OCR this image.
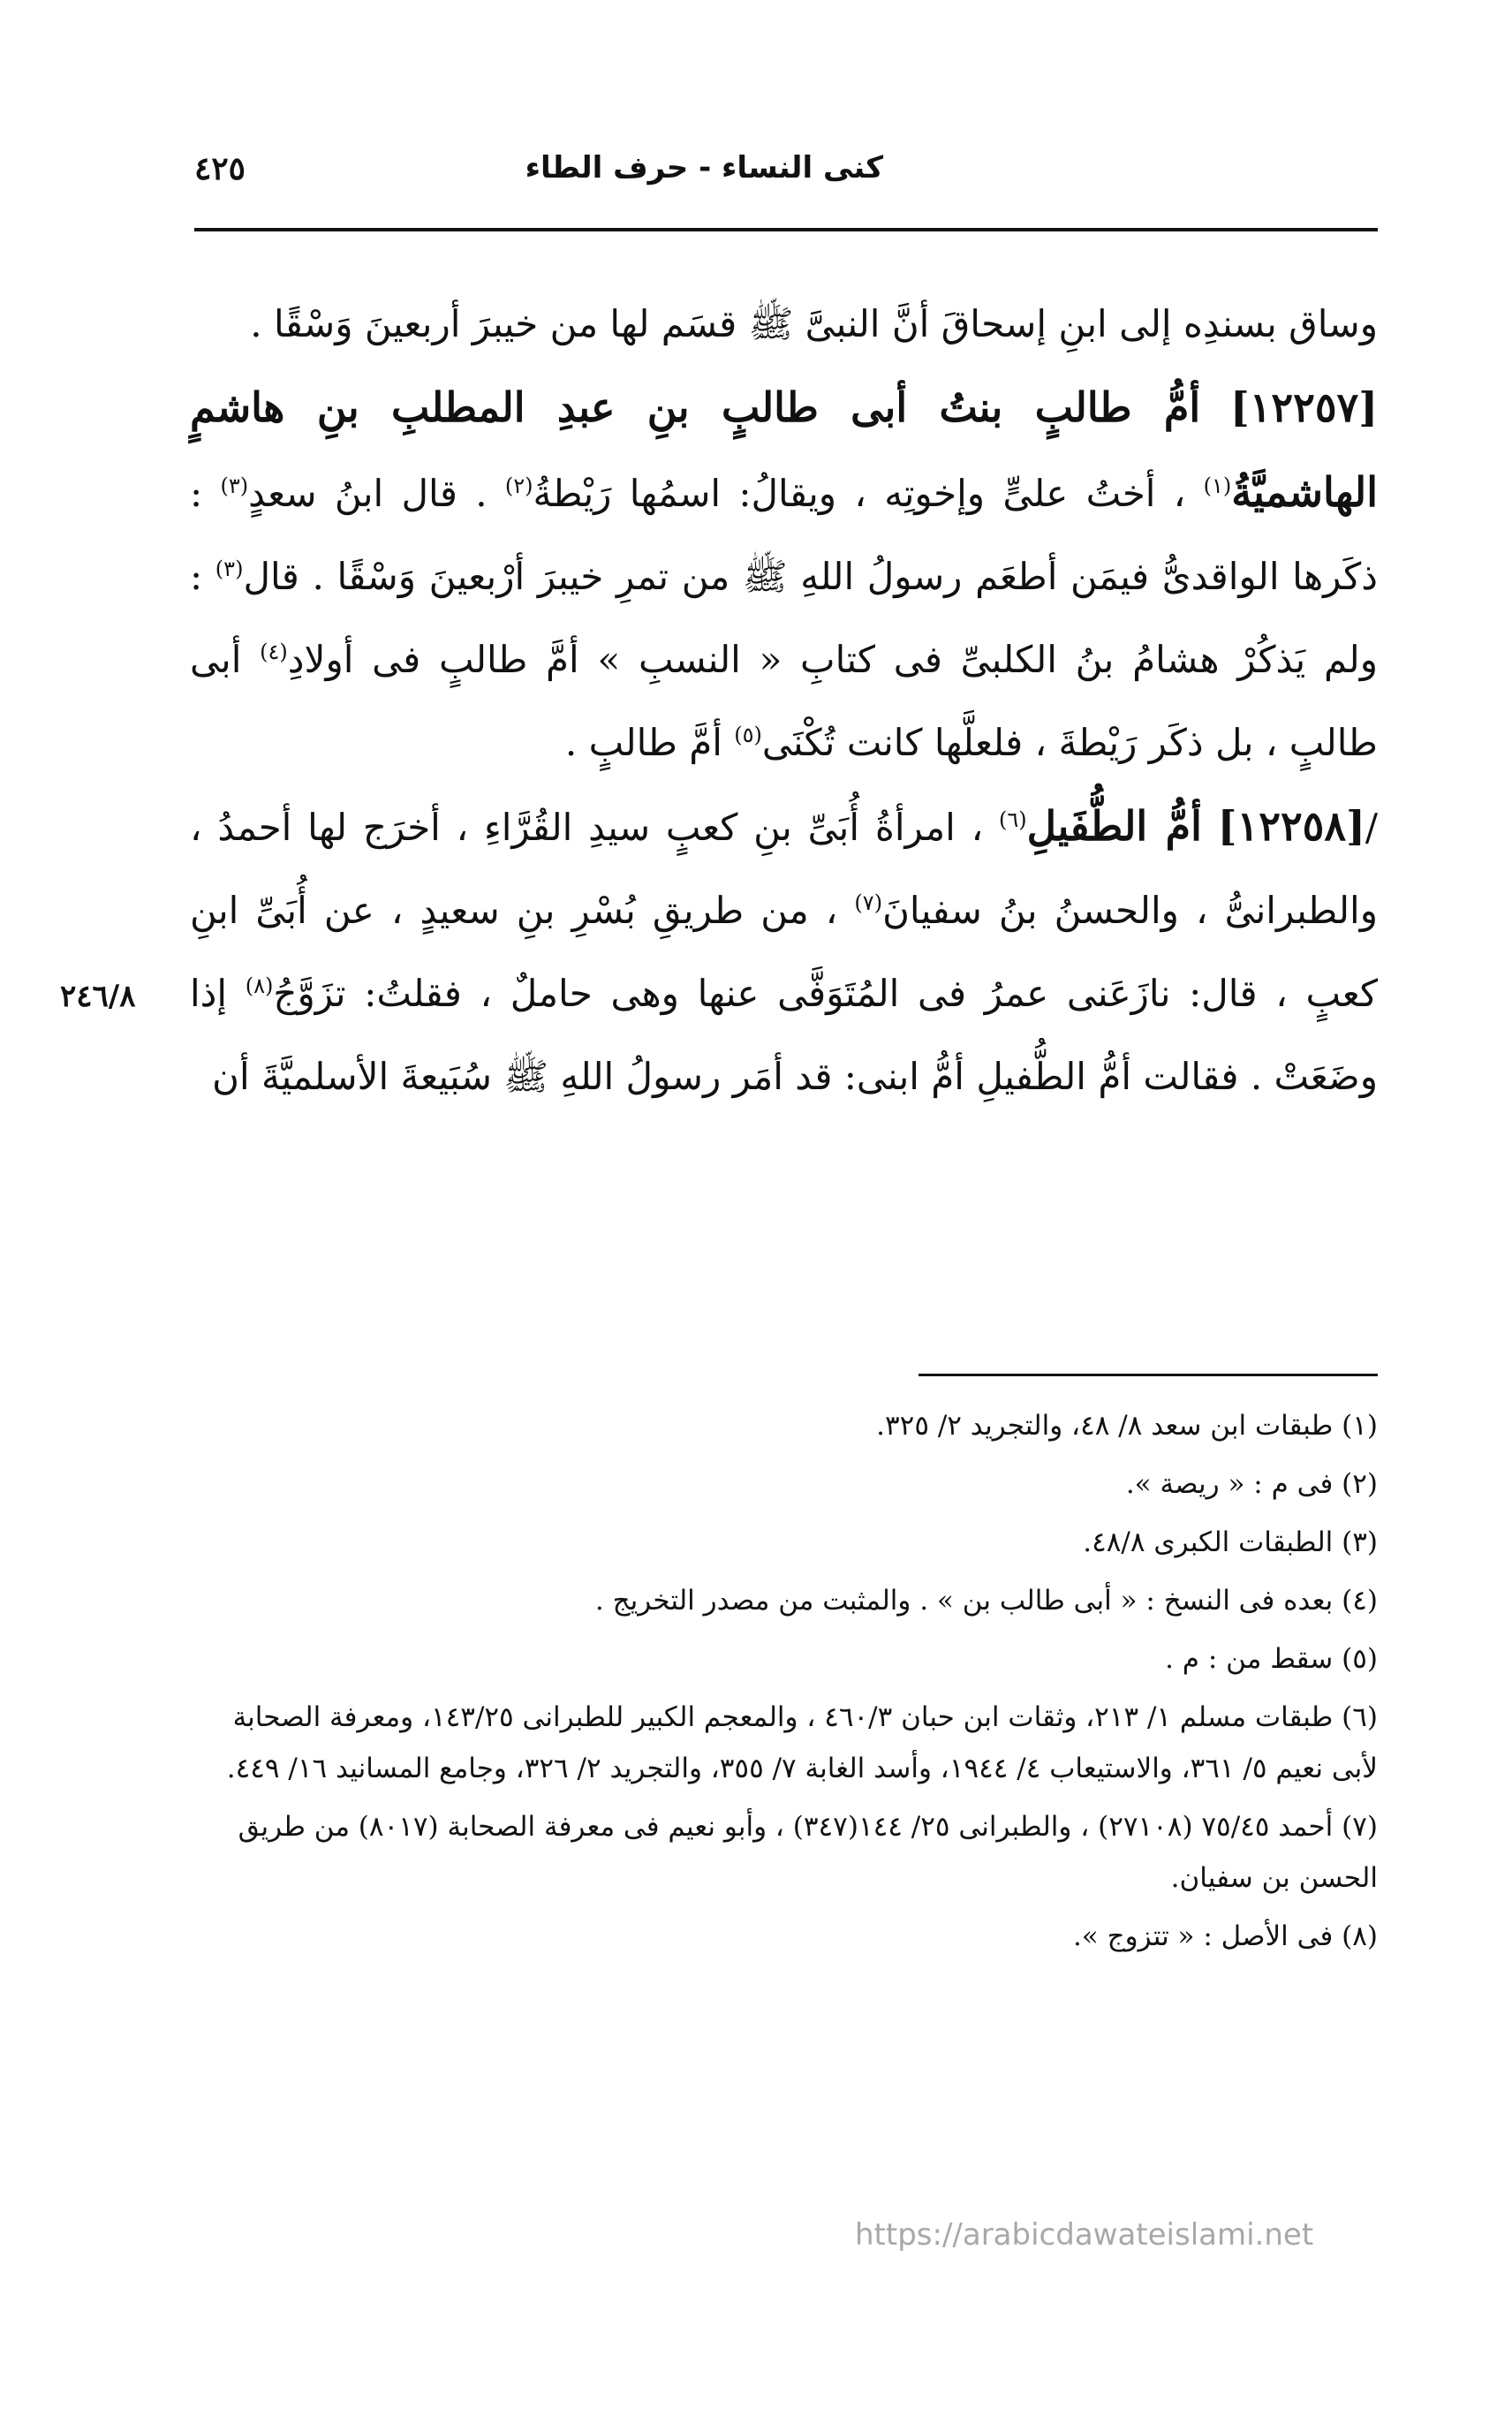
كنى النساء - حرف الطاء
٤٢٥
٢٤٦/٨

وساق بسندِه إلى ابنِ إسحاقَ أنَّ النبىَّ ﷺ قسَم لها من خيبرَ أربعينَ وَسْقًا .

[١٢٢٥٧] أمُّ طالبٍ بنتُ أبى طالبٍ بنِ عبدِ المطلبِ بنِ هاشمٍ الهاشميَّةُ$^{(١)}$ ، أختُ علىٍّ وإخوتِه ، ويقالُ: اسمُها رَيْطةُ$^{(٢)}$ . قال ابنُ سعدٍ$^{(٣)}$ : ذكَرها الواقدىُّ فيمَن أطعَم رسولُ اللهِ ﷺ من تمرِ خيبرَ أرْبعينَ وَسْقًا . قال$^{(٣)}$ : ولم يَذكُرْ هشامُ بنُ الكلبىِّ فى كتابِ « النسبِ » أمَّ طالبٍ فى أولادِ$^{(٤)}$ أبى طالبٍ ، بل ذكَر رَيْطةَ ، فلعلَّها كانت تُكْنَى$^{(٥)}$ أمَّ طالبٍ .

/[١٢٢٥٨] أمُّ الطُّفَيلِ$^{(٦)}$ ، امرأةُ أُبَىِّ بنِ كعبٍ سيدِ القُرَّاءِ ، أخرَج لها أحمدُ ، والطبرانىُّ ، والحسنُ بنُ سفيانَ$^{(٧)}$ ، من طريقِ بُسْرِ بنِ سعيدٍ ، عن أُبَىِّ ابنِ كعبٍ ، قال: نازَعَنى عمرُ فى المُتَوَفَّى عنها وهى حاملٌ ، فقلتُ: تزَوَّجُ$^{(٨)}$ إذا وضَعَتْ . فقالت أمُّ الطُّفيلِ أمُّ ابنى: قد أمَر رسولُ اللهِ ﷺ سُبَيعةَ الأسلميَّةَ أن

(١) طبقات ابن سعد ٨/ ٤٨، والتجريد ٢/ ٣٢٥.

(٢) فى م : « ريصة ».

(٣) الطبقات الكبرى ٤٨/٨.

(٤) بعده فى النسخ : « أبى طالب بن » . والمثبت من مصدر التخريج .

(٥) سقط من : م .

(٦) طبقات مسلم ١/ ٢١٣، وثقات ابن حبان ٤٦٠/٣ ، والمعجم الكبير للطبرانى ١٤٣/٢٥، ومعرفة الصحابة لأبى نعيم ٥/ ٣٦١، والاستيعاب ٤/ ١٩٤٤، وأسد الغابة ٧/ ٣٥٥، والتجريد ٢/ ٣٢٦، وجامع المسانيد ١٦/ ٤٤٩.

(٧) أحمد ٧٥/٤٥ (٢٧١٠٨) ، والطبرانى ٢٥/ ١٤٤(٣٤٧) ، وأبو نعيم فى معرفة الصحابة (٨٠١٧) من طريق الحسن بن سفيان.

(٨) فى الأصل : « تتزوج ».

https://arabicdawateislami.net
